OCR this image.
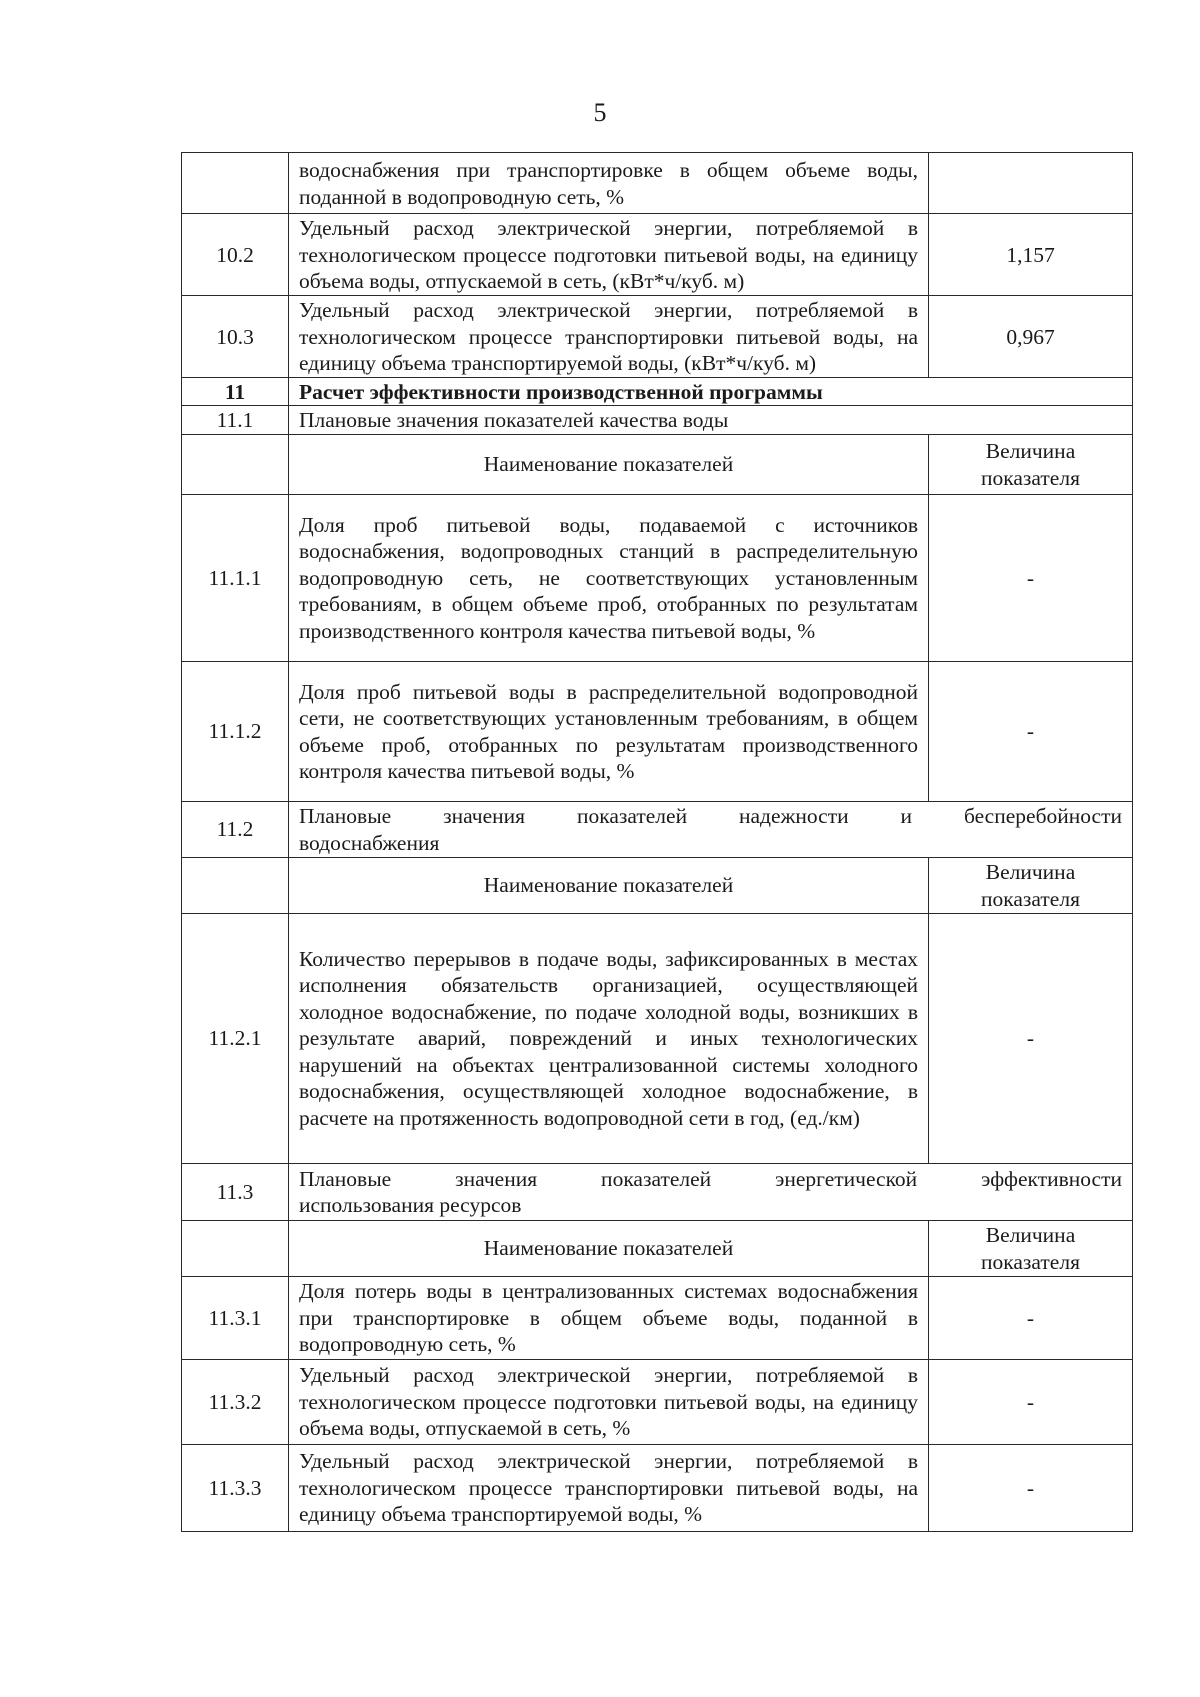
5
	водоснабжения при транспортировке в общем объеме воды, поданной в водопроводную сеть, %	
10.2	Удельный расход электрической энергии, потребляемой в технологическом процессе подготовки питьевой воды, на единицу объема воды, отпускаемой в сеть, (кВт*ч/куб. м)	1,157
10.3	Удельный расход электрической энергии, потребляемой в технологическом процессе транспортировки питьевой воды, на единицу объема транспортируемой воды, (кВт*ч/куб. м)	0,967
11	Расчет эффективности производственной программы	
11.1	Плановые значения показателей качества воды	
	Наименование показателей	Величина показателя
11.1.1	Доля проб питьевой воды, подаваемой с источников водоснабжения, водопроводных станций в распределительную водопроводную сеть, не соответствующих установленным требованиям, в общем объеме проб, отобранных по результатам производственного контроля качества питьевой воды, %	-
11.1.2	Доля проб питьевой воды в распределительной водопроводной сети, не соответствующих установленным требованиям, в общем объеме проб, отобранных по результатам производственного контроля качества питьевой воды, %	-
11.2	Плановые значения показателей надежности и бесперебойности
водоснабжения	

	Наименование показателей	Величина показателя
11.2.1	Количество перерывов в подаче воды, зафиксированных в местах исполнения обязательств организацией, осуществляющей холодное водоснабжение, по подаче холодной воды, возникших в результате аварий, повреждений и иных технологических нарушений на объектах централизованной системы холодного водоснабжения, осуществляющей холодное водоснабжение, в расчете на протяженность водопроводной сети в год, (ед./км)	-
11.3	Плановые значения показателей энергетической эффективности
использования ресурсов	

	Наименование показателей	Величина показателя
11.3.1	Доля потерь воды в централизованных системах водоснабжения при транспортировке в общем объеме воды, поданной в водопроводную сеть, %	-
11.3.2	Удельный расход электрической энергии, потребляемой в технологическом процессе подготовки питьевой воды, на единицу объема воды, отпускаемой в сеть, %	-
11.3.3	Удельный расход электрической энергии, потребляемой в технологическом процессе транспортировки питьевой воды, на единицу объема транспортируемой воды, %	-
